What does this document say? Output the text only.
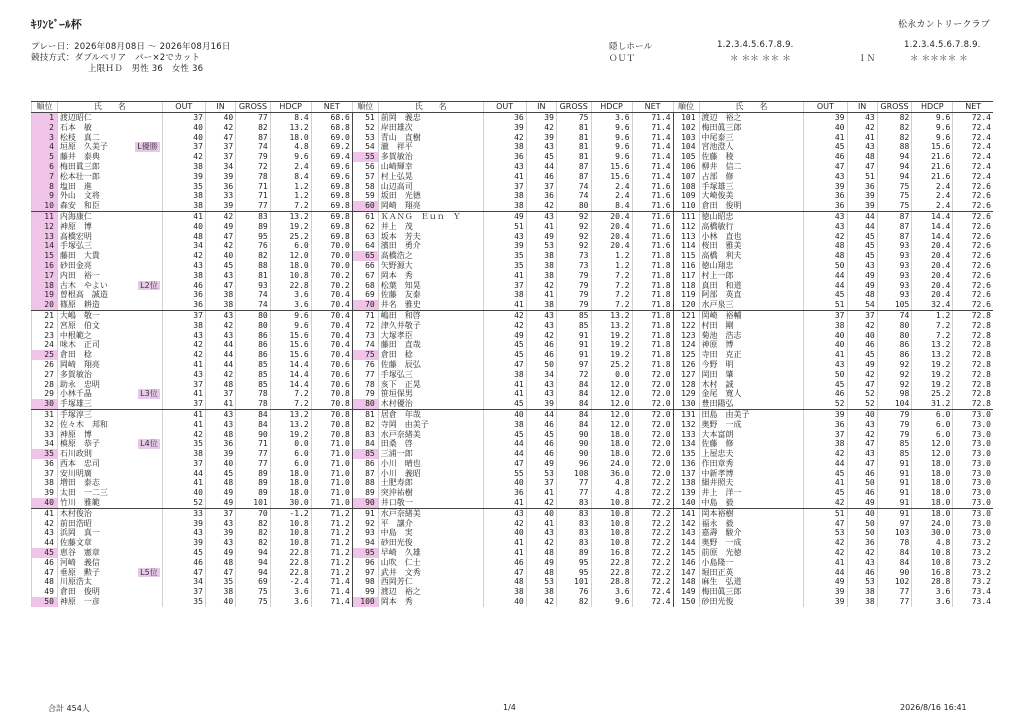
ｷﾘﾝﾋﾞｰﾙ杯	松永カントリークラブ
プレー日：2026年08月08日 〜 2026年08月16日
競技方式：ダブルペリア　パー×2でカット
上限ＨＤ　男性 36　女性 36
隠しホール	1.2.3.4.5.6.7.8.9.	1.2.3.4.5.6.7.8.9.
ＯＵＴ	＊ ＊＊ ＊＊ ＊	ＩＮ	＊ ＊＊＊＊ ＊
順位	氏　　名	OUT	IN	GROSS	HDCP	NET	順位	氏　　名	OUT	IN	GROSS	HDCP	NET	順位	氏　　名	OUT	IN	GROSS	HDCP	NET
1	渡辺昭仁	37	40	77	8.4	68.6	51	前岡　義忠	36	39	75	3.6	71.4	101	渡辺　裕之	39	43	82	9.6	72.4
2	石本　敏	40	42	82	13.2	68.8	52	岸田雄次	39	42	81	9.6	71.4	102	梅田眞三郎	40	42	82	9.6	72.4
3	松枝　真二	40	47	87	18.0	69.0	53	青山　直樹	42	39	81	9.6	71.4	103	中尾泰三	41	41	82	9.6	72.4
4	垣原　久美子 L優勝	37	37	74	4.8	69.2	54	瀧　祥平	38	43	81	9.6	71.4	104	宮池澄人	45	43	88	15.6	72.4
5	藤井　泰典	42	37	79	9.6	69.4	55	多賀敏治	36	45	81	9.6	71.4	105	佐藤　稜	46	48	94	21.6	72.4
6	梅田眞三郎	38	34	72	2.4	69.6	56	山崎輝幸	43	44	87	15.6	71.4	106	柳井　信二	47	47	94	21.6	72.4
7	松本壮一郎	39	39	78	8.4	69.6	57	村上弘晃	41	46	87	15.6	71.4	107	占部　修	43	51	94	21.6	72.4
8	塩田　進	35	36	71	1.2	69.8	58	山辺高司	37	37	74	2.4	71.6	108	手塚雄三	39	36	75	2.4	72.6
9	外山　文将	38	33	71	1.2	69.8	59	坂田　光德	38	36	74	2.4	71.6	109	大崎俊美	36	39	75	2.4	72.6
10	森安　和臣	38	39	77	7.2	69.8	60	岡崎　翔亮	38	42	80	8.4	71.6	110	倉田　俊明	36	39	75	2.4	72.6
11	内海康仁	41	42	83	13.2	69.8	61	ＫＡＮＧ　Ｅｕｎ　Ｙ	49	43	92	20.4	71.6	111	徳山昭忠	43	44	87	14.4	72.6
12	神原　博	40	49	89	19.2	69.8	62	井上　茂	51	41	92	20.4	71.6	112	高橋敏行	43	44	87	14.4	72.6
13	高橋宏明	48	47	95	25.2	69.8	63	坂本　芳夫	43	49	92	20.4	71.6	113	小林　直也	42	45	87	14.4	72.6
14	手塚弘三	34	42	76	6.0	70.0	64	濱田　勇介	39	53	92	20.4	71.6	114	桜田　雅美	48	45	93	20.4	72.6
15	藤田　大貴	42	40	82	12.0	70.0	65	高橋浩之	35	38	73	1.2	71.8	115	高橋　利夫	48	45	93	20.4	72.6
16	砂田金亮	43	45	88	18.0	70.0	66	矢野源大	35	38	73	1.2	71.8	116	徳山翔忠	50	43	93	20.4	72.6
17	内田　裕一	38	43	81	10.8	70.2	67	岡本　秀	41	38	79	7.2	71.8	117	村上一郎	44	49	93	20.4	72.6
18	古木　やよい L2位	46	47	93	22.8	70.2	68	松葉　知晃	37	42	79	7.2	71.8	118	真田　和道	44	49	93	20.4	72.6
19	曽根高　誠造	36	38	74	3.6	70.4	69	佐藤　友泰	38	41	79	7.2	71.8	119	阿部　英直	45	48	93	20.4	72.6
20	篠原　耕造	36	38	74	3.6	70.4	70	井名　雅史	41	38	79	7.2	71.8	120	水戸泉三	51	54	105	32.4	72.6
21	大嶋　敬一	37	43	80	9.6	70.4	71	嶋田　和啓	42	43	85	13.2	71.8	121	岡崎　裕輔	37	37	74	1.2	72.8
22	宮原　伯文	38	42	80	9.6	70.4	72	津久井敬子	42	43	85	13.2	71.8	122	村田　剛	38	42	80	7.2	72.8
23	中根範之	43	43	86	15.6	70.4	73	大塚孝臣	49	42	91	19.2	71.8	123	菊池　浩志	40	40	80	7.2	72.8
24	味木　正司	42	44	86	15.6	70.4	74	藤田　直哉	45	46	91	19.2	71.8	124	神原　博	40	46	86	13.2	72.8
25	倉田　稔	42	44	86	15.6	70.4	75	倉田　稔	45	46	91	19.2	71.8	125	寺田　克正	41	45	86	13.2	72.8
26	岡崎　翔亮	41	44	85	14.4	70.6	76	佐藤　辰弘	47	50	97	25.2	71.8	126	今野　明	43	49	92	19.2	72.8
27	多賀敏治	43	42	85	14.4	70.6	77	手塚弘三	38	34	72	0.0	72.0	127	岡田　肇	50	42	92	19.2	72.8
28	助永　忠明	37	48	85	14.4	70.6	78	亥下　正晃	41	43	84	12.0	72.0	128	木村　誠	45	47	92	19.2	72.8
29	小林千晶 L3位	41	37	78	7.2	70.8	79	笹垣保男	41	43	84	12.0	72.0	129	金尾　寛人	46	52	98	25.2	72.8
30	手塚雄三	37	41	78	7.2	70.8	80	木村優治	45	39	84	12.0	72.0	130	豊田陽弘	52	52	104	31.2	72.8
31	手塚淳三	41	43	84	13.2	70.8	81	居倉　年哉	40	44	84	12.0	72.0	131	田島　由美子	39	40	79	6.0	73.0
32	佐々木　邦和	41	43	84	13.2	70.8	82	寺岡　由美子	38	46	84	12.0	72.0	132	奥野　一成	36	43	79	6.0	73.0
33	神原　博	42	48	90	19.2	70.8	83	水戸奈緒美	45	45	90	18.0	72.0	133	大本富朗	37	42	79	6.0	73.0
34	槙原　恭子 L4位	35	36	71	0.0	71.0	84	田桑　啓	44	46	90	18.0	72.0	134	佐藤　修	38	47	85	12.0	73.0
35	石川政則	38	39	77	6.0	71.0	85	三浦一郎	44	46	90	18.0	72.0	135	上屋忠夫	42	43	85	12.0	73.0
36	西本　忠司	37	40	77	6.0	71.0	86	小川　晴也	47	49	96	24.0	72.0	136	作田章秀	44	47	91	18.0	73.0
37	安川明廣	44	45	89	18.0	71.0	87	小川　義昭	55	53	108	36.0	72.0	137	中新孝博	45	46	91	18.0	73.0
38	増田　泰志	41	48	89	18.0	71.0	88	土肥寿郎	40	37	77	4.8	72.2	138	細井照夫	41	50	91	18.0	73.0
39	太田　一二三	40	49	89	18.0	71.0	89	突沖祐樹	36	41	77	4.8	72.2	139	井上　洋一	45	46	91	18.0	73.0
40	竹川　雅範	52	49	101	30.0	71.0	90	井口敬一	41	42	83	10.8	72.2	140	中島　毅	42	49	91	18.0	73.0
41	木村俊治	33	37	70	-1.2	71.2	91	水戸奈緒美	43	40	83	10.8	72.2	141	岡本裕樹	51	40	91	18.0	73.0
42	前田浩昭	39	43	82	10.8	71.2	92	平　譲介	42	41	83	10.8	72.2	142	福永　毅	47	50	97	24.0	73.0
43	浜岡　真一	43	39	82	10.8	71.2	93	中島　実	40	43	83	10.8	72.2	143	嘉壽　駿介	53	50	103	30.0	73.0
44	佐藤文章	39	43	82	10.8	71.2	94	砂田光俊	41	42	83	10.8	72.2	144	奥野　一成	42	36	78	4.8	73.2
45	恵谷　憲章	45	49	94	22.8	71.2	95	早崎　久雄	41	48	89	16.8	72.2	145	前原　光徳	42	42	84	10.8	73.2
46	河崎　義信	46	48	94	22.8	71.2	96	山吹　仁士	46	49	95	22.8	72.2	146	小島隆一	41	43	84	10.8	73.2
47	垂原　勲子 L5位	47	47	94	22.8	71.2	97	武井　文秀	47	48	95	22.8	72.2	147	堀田正英	44	46	90	16.8	73.2
48	川原浩太	34	35	69	-2.4	71.4	98	西岡芳仁	48	53	101	28.8	72.2	148	麻生　弘道	49	53	102	28.8	73.2
49	倉田　俊明	37	38	75	3.6	71.4	99	渡辺　裕之	38	38	76	3.6	72.4	149	梅田眞三郎	39	38	77	3.6	73.4
50	神原　一彦	35	40	75	3.6	71.4	100	岡本　秀	40	42	82	9.6	72.4	150	砂田光俊	39	38	77	3.6	73.4
合計 454人	1/4	2026/8/16 16:41
